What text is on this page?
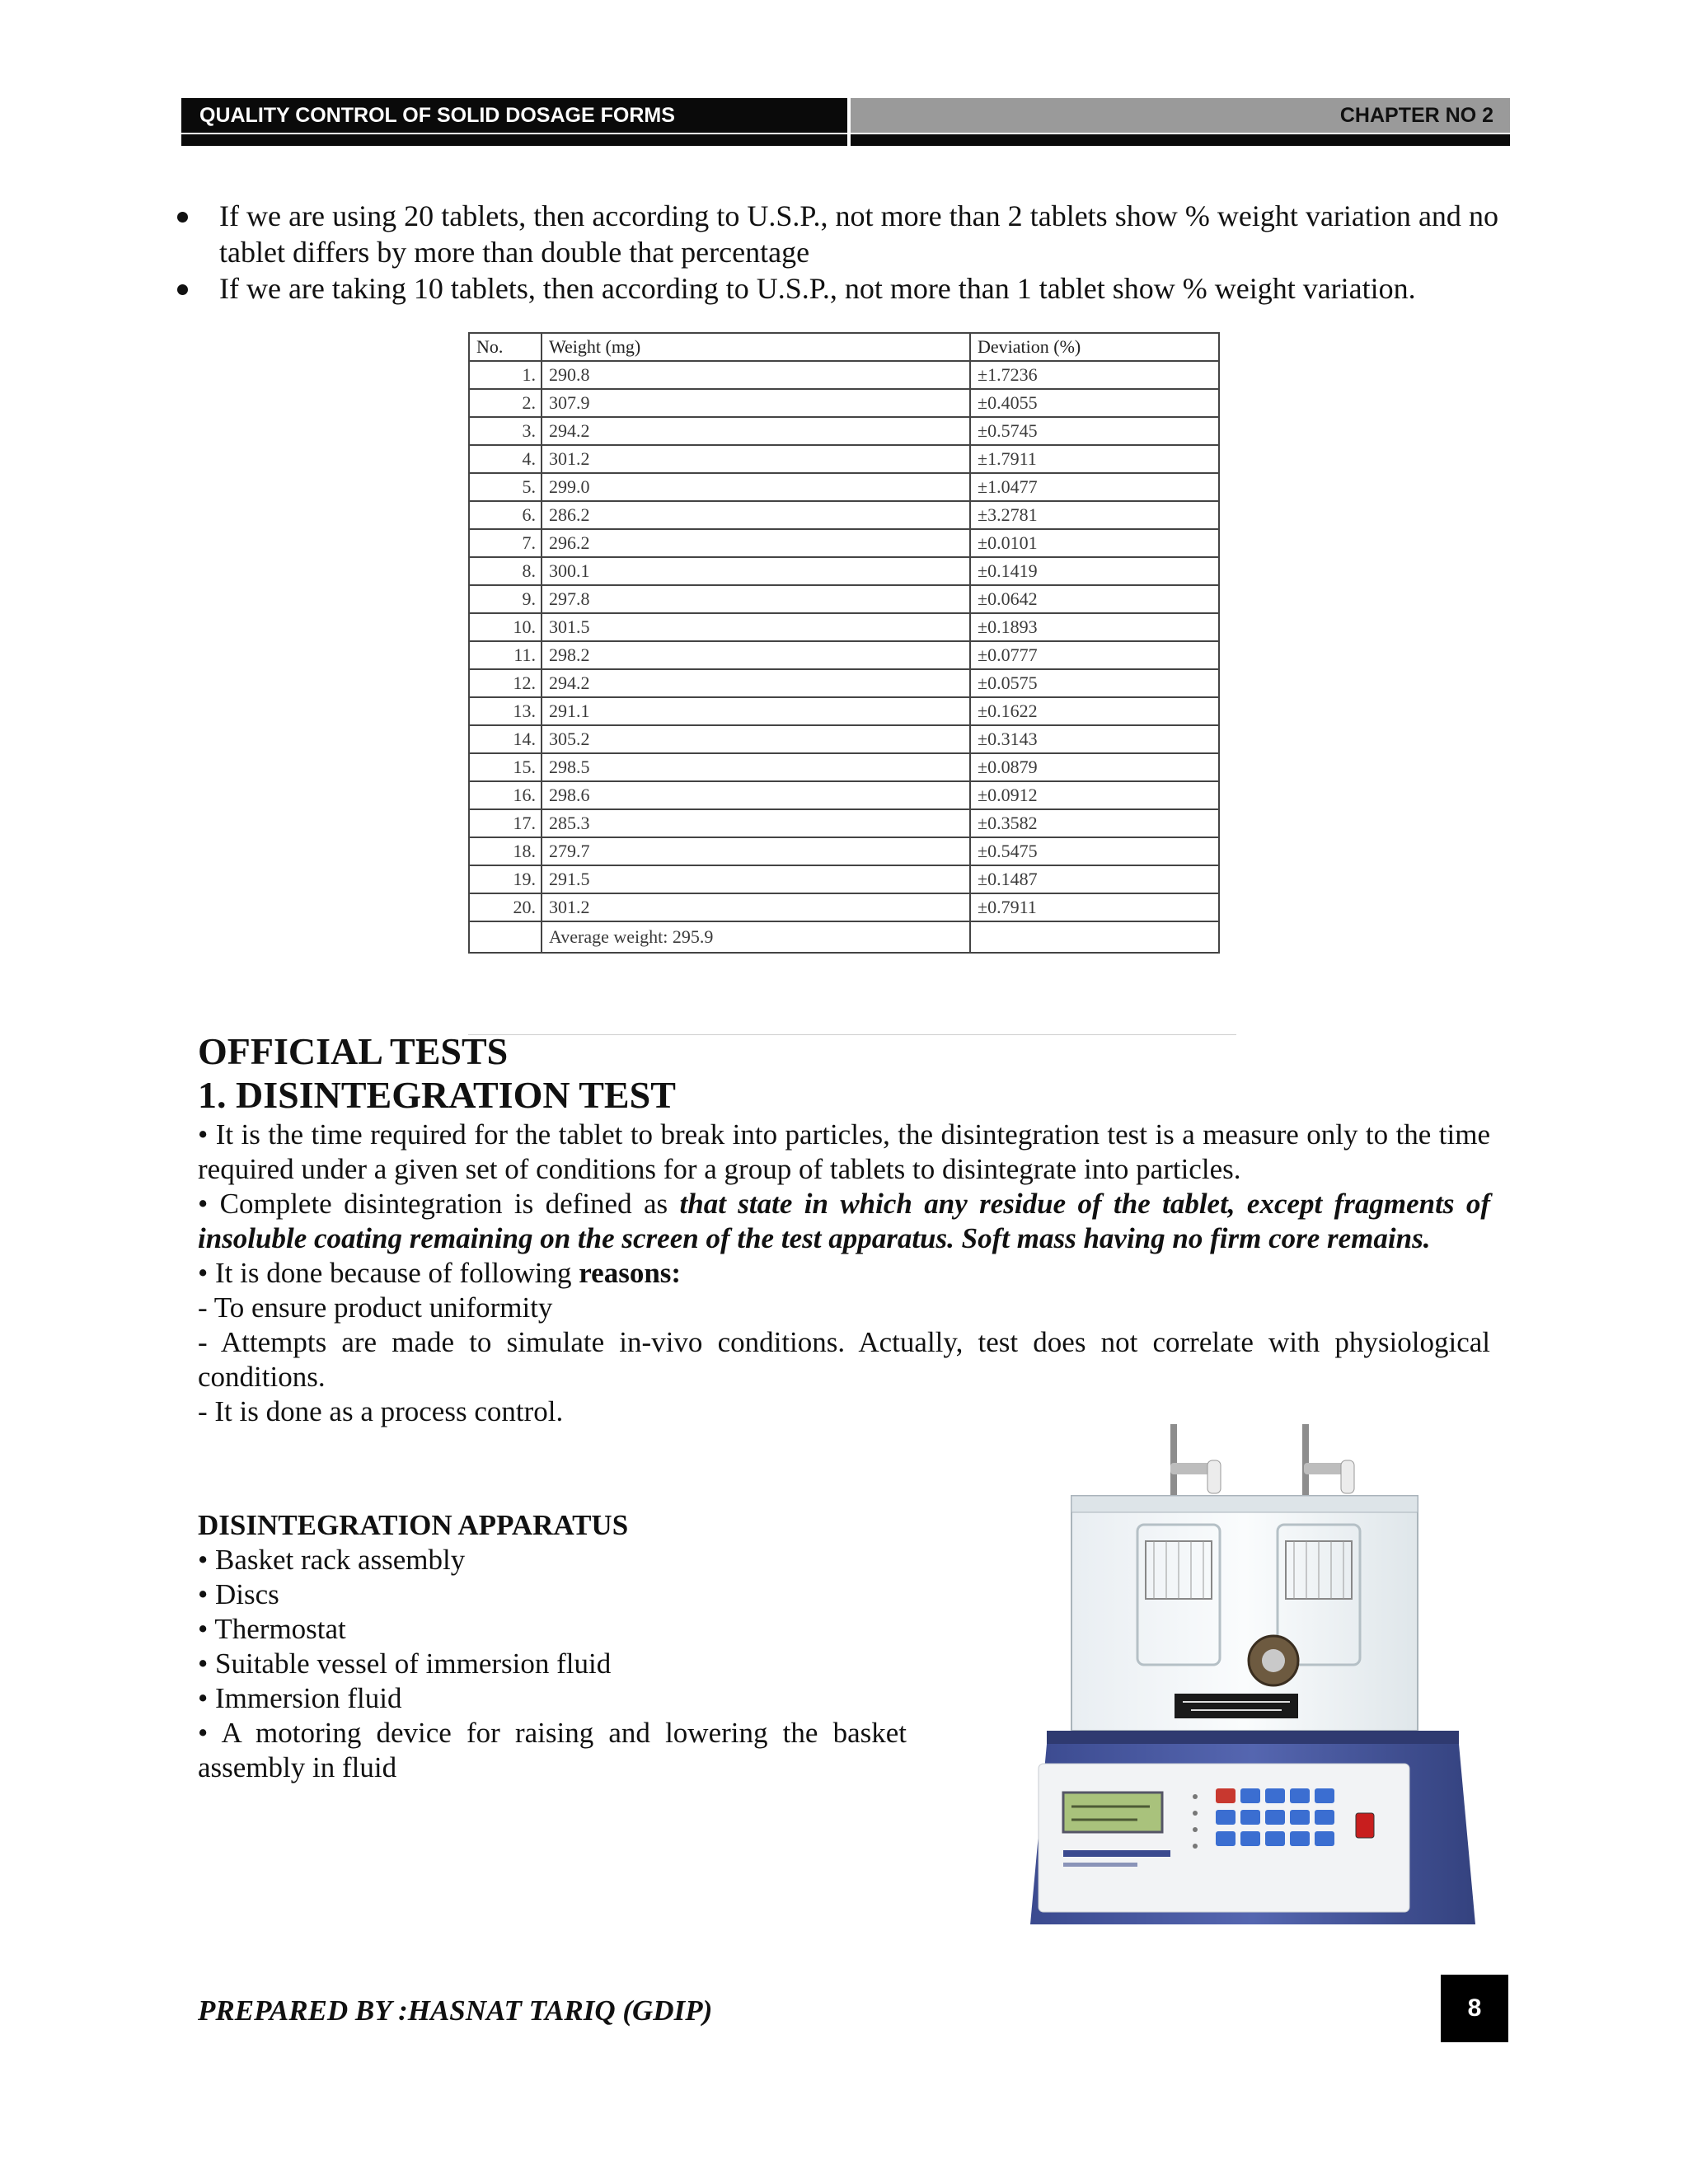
QUALITY CONTROL OF SOLID DOSAGE FORMS	CHAPTER NO 2
If we are using 20 tablets, then according to U.S.P., not more than 2 tablets show % weight variation and no tablet differs by more than double that percentage
If we are taking 10 tablets, then according to U.S.P., not more than 1 tablet show % weight variation.
No.	Weight (mg)	Deviation (%)
1.	290.8	±1.7236
2.	307.9	±0.4055
3.	294.2	±0.5745
4.	301.2	±1.7911
5.	299.0	±1.0477
6.	286.2	±3.2781
7.	296.2	±0.0101
8.	300.1	±0.1419
9.	297.8	±0.0642
10.	301.5	±0.1893
11.	298.2	±0.0777
12.	294.2	±0.0575
13.	291.1	±0.1622
14.	305.2	±0.3143
15.	298.5	±0.0879
16.	298.6	±0.0912
17.	285.3	±0.3582
18.	279.7	±0.5475
19.	291.5	±0.1487
20.	301.2	±0.7911
	Average weight: 295.9	
OFFICIAL TESTS
1. DISINTEGRATION TEST

• It is the time required for the tablet to break into particles, the disintegration test is a measure only to the time required under a given set of conditions for a group of tablets to disintegrate into particles.

• Complete disintegration is defined as that state in which any residue of the tablet, except fragments of insoluble coating remaining on the screen of the test apparatus. Soft mass having no firm core remains.

• It is done because of following reasons:

- To ensure product uniformity

- Attempts are made to simulate in-vivo conditions. Actually, test does not correlate with physiological conditions.

- It is done as a process control.

DISINTEGRATION APPARATUS
• Basket rack assembly
• Discs
• Thermostat
• Suitable vessel of immersion fluid
• Immersion fluid
• A motoring device for raising and lowering the basket assembly in fluid
PREPARED BY :HASNAT TARIQ (GDIP)	8
